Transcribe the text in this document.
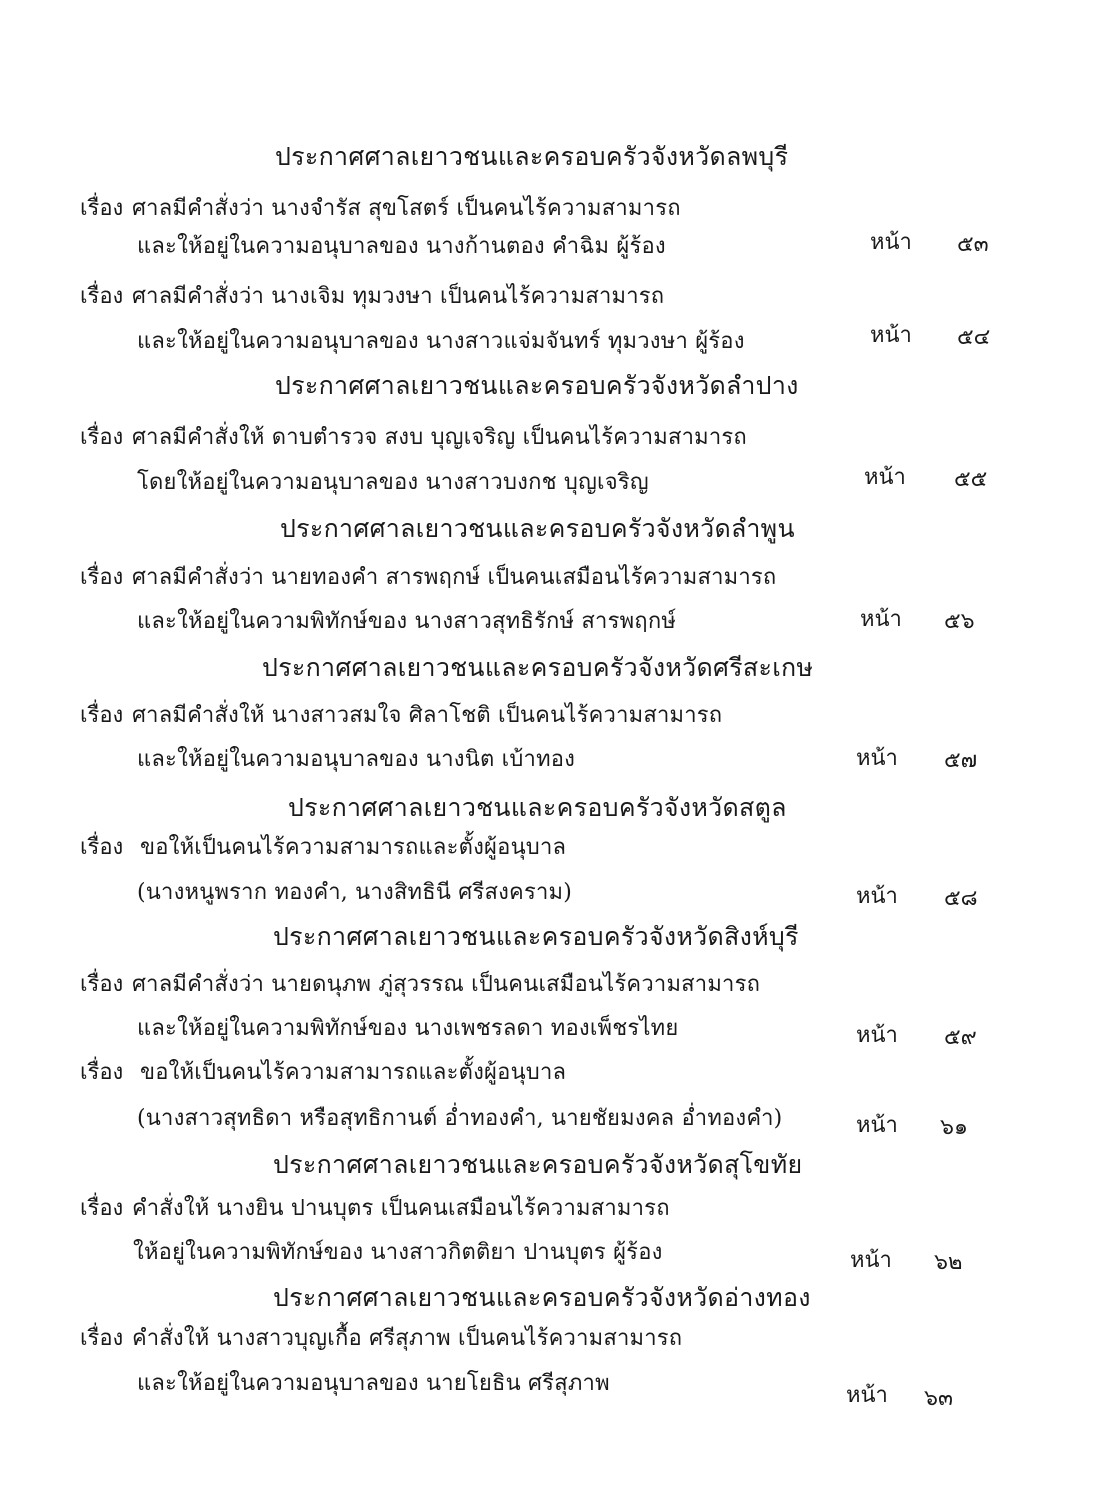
ประกาศศาลเยาวชนและครอบครัวจังหวัดลพบุรี
เรื่อง ศาลมีคำสั่งว่า นางจำรัส สุขโสตร์ เป็นคนไร้ความสามารถ
และให้อยู่ในความอนุบาลของ นางก้านตอง คำฉิม ผู้ร้อง	หน้า ๕๓
เรื่อง ศาลมีคำสั่งว่า นางเจิม ทุมวงษา เป็นคนไร้ความสามารถ
และให้อยู่ในความอนุบาลของ นางสาวแจ่มจันทร์ ทุมวงษา ผู้ร้อง	หน้า ๕๔
ประกาศศาลเยาวชนและครอบครัวจังหวัดลำปาง
เรื่อง ศาลมีคำสั่งให้ ดาบตำรวจ สงบ บุญเจริญ เป็นคนไร้ความสามารถ
โดยให้อยู่ในความอนุบาลของ นางสาวบงกช บุญเจริญ	หน้า ๕๕
ประกาศศาลเยาวชนและครอบครัวจังหวัดลำพูน
เรื่อง ศาลมีคำสั่งว่า นายทองคำ สารพฤกษ์ เป็นคนเสมือนไร้ความสามารถ
และให้อยู่ในความพิทักษ์ของ นางสาวสุทธิรักษ์ สารพฤกษ์	หน้า ๕๖
ประกาศศาลเยาวชนและครอบครัวจังหวัดศรีสะเกษ
เรื่อง ศาลมีคำสั่งให้ นางสาวสมใจ ศิลาโชติ เป็นคนไร้ความสามารถ
และให้อยู่ในความอนุบาลของ นางนิต เบ้าทอง	หน้า ๕๗
ประกาศศาลเยาวชนและครอบครัวจังหวัดสตูล
เรื่อง ขอให้เป็นคนไร้ความสามารถและตั้งผู้อนุบาล
(นางหนูพราก ทองคำ, นางสิทธินี ศรีสงคราม)	หน้า ๕๘
ประกาศศาลเยาวชนและครอบครัวจังหวัดสิงห์บุรี
เรื่อง ศาลมีคำสั่งว่า นายดนุภพ ภู่สุวรรณ เป็นคนเสมือนไร้ความสามารถ
และให้อยู่ในความพิทักษ์ของ นางเพชรลดา ทองเพ็ชรไทย	หน้า ๕๙
เรื่อง ขอให้เป็นคนไร้ความสามารถและตั้งผู้อนุบาล
(นางสาวสุทธิดา หรือสุทธิกานต์ อ่ำทองคำ, นายชัยมงคล อ่ำทองคำ)	หน้า ๖๑
ประกาศศาลเยาวชนและครอบครัวจังหวัดสุโขทัย
เรื่อง คำสั่งให้ นางยิน ปานบุตร เป็นคนเสมือนไร้ความสามารถ
ให้อยู่ในความพิทักษ์ของ นางสาวกิตติยา ปานบุตร ผู้ร้อง	หน้า ๖๒
ประกาศศาลเยาวชนและครอบครัวจังหวัดอ่างทอง
เรื่อง คำสั่งให้ นางสาวบุญเกื้อ ศรีสุภาพ เป็นคนไร้ความสามารถ
และให้อยู่ในความอนุบาลของ นายโยธิน ศรีสุภาพ	หน้า ๖๓
